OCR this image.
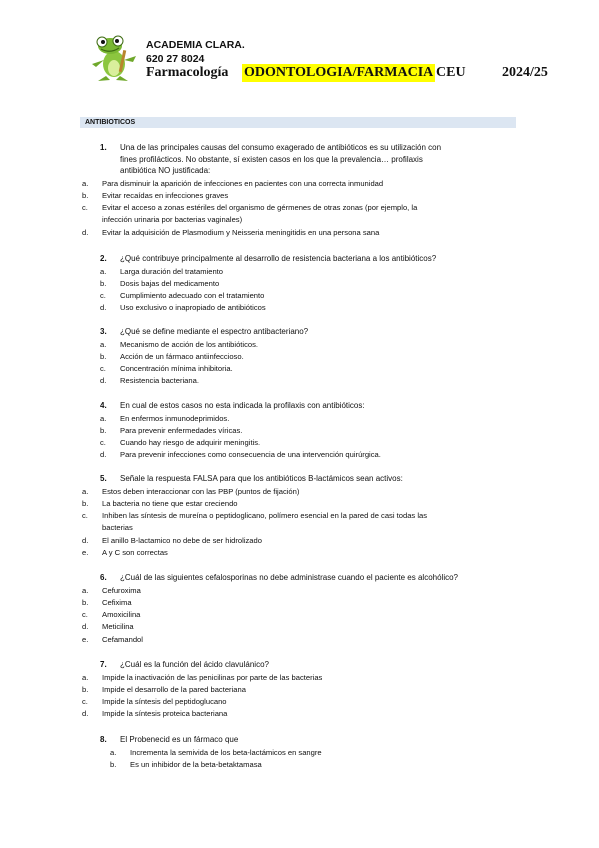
ACADEMIA CLARA.
620 27 8024
Farmacología ODONTOLOGIA/FARMACIA CEU	2024/25
ANTIBIOTICOS
1. Una de las principales causas del consumo exagerado de antibióticos es su utilización con
fines profilácticos. No obstante, sí existen casos en los que la prevalencia… profilaxis
antibiótica NO justificada:
a. Para disminuir la aparición de infecciones en pacientes con una correcta inmunidad
b. Evitar recaídas en infecciones graves
c. Evitar el acceso a zonas estériles del organismo de gérmenes de otras zonas (por ejemplo, la
infección urinaria por bacterias vaginales)
d. Evitar la adquisición de Plasmodium y Neisseria meningitidis en una persona sana
2. ¿Qué contribuye principalmente al desarrollo de resistencia bacteriana a los antibióticos?
a. Larga duración del tratamiento
b. Dosis bajas del medicamento
c. Cumplimiento adecuado con el tratamiento
d. Uso exclusivo o inapropiado de antibióticos
3. ¿Qué se define mediante el espectro antibacteriano?
a. Mecanismo de acción de los antibióticos.
b. Acción de un fármaco antiinfeccioso.
c. Concentración mínima inhibitoria.
d. Resistencia bacteriana.
4. En cual de estos casos no esta indicada la profilaxis con antibióticos:
a. En enfermos inmunodeprimidos.
b. Para prevenir enfermedades víricas.
c. Cuando hay riesgo de adquirir meningitis.
d. Para prevenir infecciones como consecuencia de una intervención quirúrgica.
5. Señale la respuesta FALSA para que los antibióticos B-lactámicos sean activos:
a. Estos deben interaccionar con las PBP (puntos de fijación)
b. La bacteria no tiene que estar creciendo
c. Inhiben las síntesis de mureína o peptidoglicano, polímero esencial en la pared de casi todas las
bacterias
d. El anillo B-lactamico no debe de ser hidrolizado
e. A y C son correctas
6. ¿Cuál de las siguientes cefalosporinas no debe administrase cuando el paciente es alcohólico?
a. Cefuroxima
b. Cefixima
c. Amoxicilina
d. Meticilina
e. Cefamandol
7. ¿Cuál es la función del ácido clavulánico?
a. Impide la inactivación de las penicilinas por parte de las bacterias
b. Impide el desarrollo de la pared bacteriana
c. Impide la síntesis del peptidoglucano
d. Impide la síntesis proteica bacteriana
8. El Probenecid es un fármaco que
a. Incrementa la semivida de los beta-lactámicos en sangre
b. Es un inhibidor de la beta-betaktamasa
